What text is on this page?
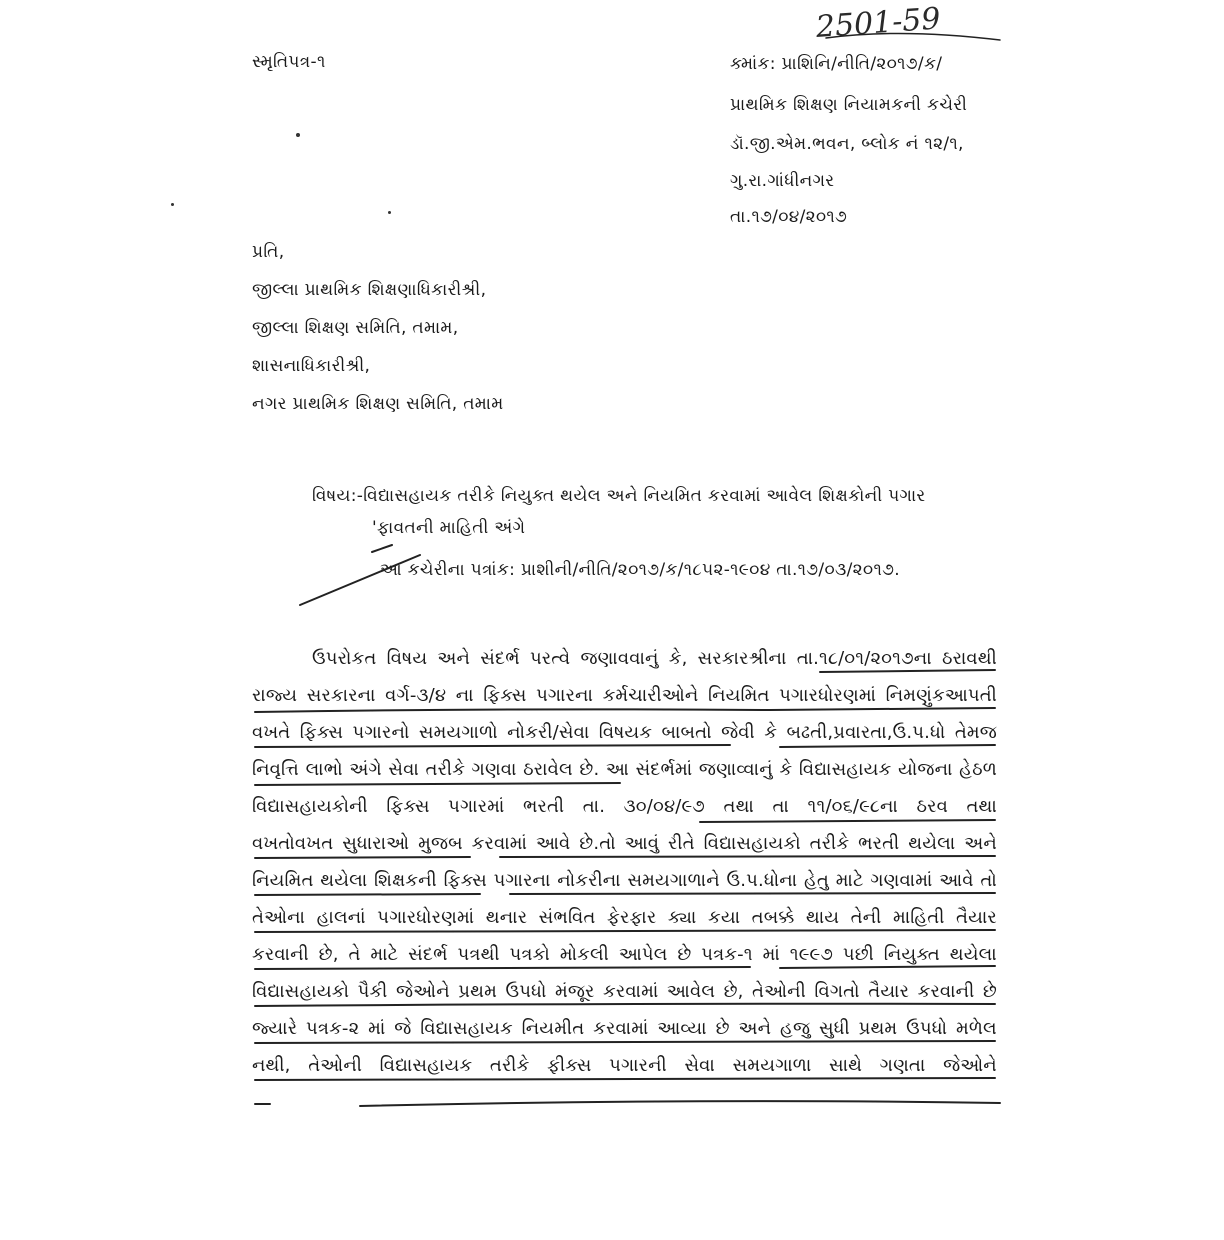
2501-59
સ્મૃતિપત્ર-૧	ક્માંક: પ્રાશિનિ/નીતિ/૨૦૧૭/ક/
પ્રાથમિક શિક્ષણ નિયામકની કચેરી
ડૉ.જી.એમ.ભવન, બ્લોક નં ૧૨/૧,
ગુ.રા.ગાંધીનગર
તા.૧૭/૦૪/૨૦૧૭
પ્રતિ,
જીલ્લા પ્રાથમિક શિક્ષણાધિકારીશ્રી,
જીલ્લા શિક્ષણ સમિતિ, તમામ,
શાસનાધિકારીશ્રી,
નગર પ્રાથમિક શિક્ષણ સમિતિ, તમામ
વિષય:-વિદ્યાસહાયક તરીકે નિયુક્ત થયેલ અને નિયમિત કરવામાં આવેલ શિક્ષકોની પગાર
'ફાવતની માહિતી અંગે
આ કચેરીના પત્રાંક: પ્રાશીની/નીતિ/૨૦૧૭/ક/૧૮૫૨-૧૯૦૪ તા.૧૭/૦૩/૨૦૧૭.
ઉપરોકત વિષય અને સંદર્ભ પરત્વે જણાવવાનું કે, સરકારશ્રીના તા.૧૮/૦૧/૨૦૧૭ના ઠરાવથી
રાજ્ય સરકારના વર્ગ-૩/૪ ના ફિક્સ પગારના કર્મચારીઓને નિયમિત પગારધોરણમાં નિમણુંકઆપતી
વખતે ફિક્સ પગારનો સમયગાળો નોકરી/સેવા વિષયક બાબતો જેવી કે બઢતી,પ્રવારતા,ઉ.પ.ધો તેમજ
નિવૃત્તિ લાભો અંગે સેવા તરીકે ગણવા ઠરાવેલ છે. આ સંદર્ભમાં જણાવ્વાનું કે વિદ્યાસહાયક યોજના હેઠળ
વિદ્યાસહાયકોની ફિક્સ પગારમાં ભરતી તા. ૩૦/૦૪/૯૭ તથા તા ૧૧/૦૬/૯૮ના ઠરવ તથા
વખતોવખત સુધારાઓ મુજબ કરવામાં આવે છે.તો આવું રીતે વિદ્યાસહાયકો તરીકે ભરતી થયેલા અને
નિયમિત થયેલા શિક્ષકની ફિક્સ પગારના નોકરીના સમયગાળાને ઉ.પ.ધોના હેતુ માટે ગણવામાં આવે તો
તેઓના હાલનાં પગારધોરણમાં થનાર સંભવિત ફેરફાર ક્યા કયા તબક્કે થાય તેની માહિતી તૈયાર
કરવાની છે, તે માટે સંદર્ભ પત્રથી પત્રકો મોકલી આપેલ છે પત્રક-૧ માં ૧૯૯૭ પછી નિયુક્ત થયેલા
વિદ્યાસહાયકો પૈકી જેઓને પ્રથમ ઉપધો મંજૂર કરવામાં આવેલ છે, તેઓની વિગતો તૈયાર કરવાની છે
જ્યારે પત્રક-૨ માં જે વિદ્યાસહાયક નિયમીત કરવામાં આવ્યા છે અને હજુ સુધી પ્રથમ ઉપધો મળેલ
નથી, તેઓની વિદ્યાસહાયક તરીકે ફીક્સ પગારની સેવા સમયગાળા સાથે ગણતા જેઓને
